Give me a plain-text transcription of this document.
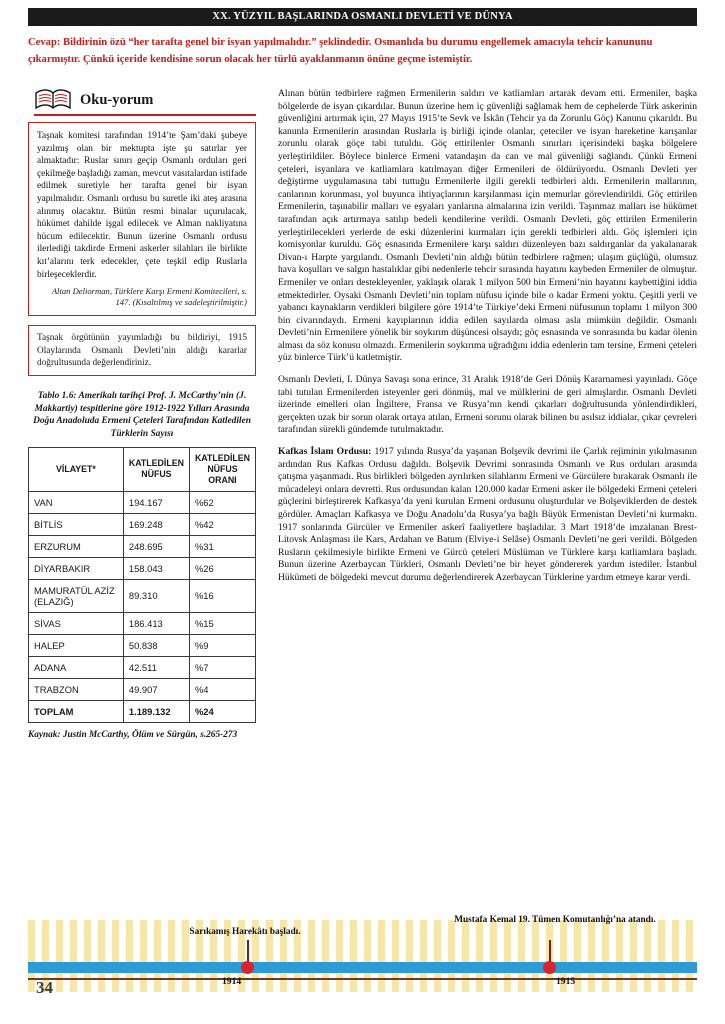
XX. YÜZYIL BAŞLARINDA OSMANLI DEVLETİ VE DÜNYA
Cevap: Bildirinin özü “her tarafta genel bir isyan yapılmalıdır.” şeklindedir. Osmanlıda bu durumu engellemek amacıyla tehcir kanununu çıkarmıştır. Çünkü içeride kendisine sorun olacak her türlü ayaklanmanın önüne geçme istemiştir.
Oku-yorum
Taşnak komitesi tarafından 1914’te Şam’daki şubeye yazılmış olan bir mektupta işte şu satırlar yer almaktadır: Ruslar sınırı geçip Osmanlı orduları geri çekilmeğe başladığı zaman, mevcut vasıtalardan istifade edilmek suretiyle her tarafta genel bir isyan yapılmalıdır. Osmanlı ordusu bu suretle iki ateş arasına alınmış olacaktır. Bütün resmi binalar uçurulacak, hükümet dahilde işgal edilecek ve Alman nakliyatına hücum edilecektir. Bunun üzerine Osmanlı ordusu ilerlediği takdirde Ermeni askerler silahları ile birlikte kıt’alarını terk edecekler, çete teşkil edip Ruslarla birleşeceklerdir.
Altan Deliorman, Türklere Karşı Ermeni Komitecileri, s. 147. (Kısaltılmış ve sadeleştirilmiştir.)
Taşnak örgütünün yayımladığı bu bildiriyi, 1915 Olaylarında Osmanlı Devleti’nin aldığı kararlar doğrultusunda değerlendiriniz.
Tablo 1.6: Amerikalı tarihçi Prof. J. McCarthy’nin (J. Makkartiy) tespitlerine göre 1912-1922 Yılları Arasında Doğu Anadoluda Ermeni Çeteleri Tarafından Katledilen Türklerin Sayısı
VİLAYET*	KATLEDİLEN NÜFUS	KATLEDİLEN NÜFUS ORANI
VAN	194.167	%62
BİTLİS	169.248	%42
ERZURUM	248.695	%31
DİYARBAKIR	158.043	%26
MAMURATÜL AZİZ (ELAZIĞ)	89.310	%16
SİVAS	186.413	%15
HALEP	50.838	%9
ADANA	42.511	%7
TRABZON	49.907	%4
TOPLAM	1.189.132	%24
Kaynak: Justin McCarthy, Ölüm ve Sürgün, s.265-273

Alınan bütün tedbirlere rağmen Ermenilerin saldırı ve katliamları artarak devam etti. Ermeniler, başka bölgelerde de isyan çıkardılar. Bunun üzerine hem iç güvenliği sağlamak hem de cephelerde Türk askerinin güvenliğini artırmak için, 27 Mayıs 1915’te Sevk ve İskân (Tehcir ya da Zorunlu Göç) Kanunu çıkarıldı. Bu kanunla Ermenilerin arasından Ruslarla iş birliği içinde olanlar, çeteciler ve isyan hareketine karışanlar zorunlu olarak göçe tabi tutuldu. Göç ettirilenler Osmanlı sınırları içerisindeki başka bölgelere yerleştirildiler. Böylece binlerce Ermeni vatandaşın da can ve mal güvenliği sağlandı. Çünkü Ermeni çeteleri, isyanlara ve katliamlara katılmayan diğer Ermenileri de öldürüyordu. Osmanlı Devleti yer değiştirme uygulamasına tabi tuttuğu Ermenilerle ilgili gerekli tedbirleri aldı. Ermenilerin mallarının, canlarının korunması, yol buyunca ihtiyaçlarının karşılanması için memurlar görevlendirildi. Göç ettirilen Ermenilerin, taşınabilir malları ve eşyaları yanlarına almalarına izin verildi. Taşınmaz malları ise hükümet tarafından açık artırmaya satılıp bedeli kendilerine verildi. Osmanlı Devleti, göç ettirilen Ermenilerin yerleştirilecekleri yerlerde de eski düzenlerini kurmaları için gerekli tedbirleri aldı. Göç işlemleri için komisyonlar kuruldu. Göç esnasında Ermenilere karşı saldırı düzenleyen bazı saldırganlar da yakalanarak Divan-ı Harpte yargılandı. Osmanlı Devleti’nin aldığı bütün tedbirlere rağmen; ulaşım güçlüğü, olumsuz hava koşulları ve salgın hastalıklar gibi nedenlerle tehcir sırasında hayatını kaybeden Ermeniler de olmuştur. Ermeniler ve onları destekleyenler, yaklaşık olarak 1 milyon 500 bin Ermeni’nin hayatını kaybettiğini iddia etmektedirler. Oysaki Osmanlı Devleti’nin toplam nüfusu içinde bile o kadar Ermeni yoktu. Çeşitli yerli ve yabancı kaynakların verdikleri bilgilere göre 1914’te Türkiye’deki Ermeni nüfusunun toplamı 1 milyon 300 bin civarındaydı. Ermeni kayıplarının iddia edilen sayılarda olması asla mümkün değildir. Osmanlı Devleti’nin Ermenilere yönelik bir soykırım düşüncesi olsaydı; göç esnasında ve sonrasında bu kadar ölenin alması da söz konusu olmazdı. Ermenilerin soykırıma uğradığını iddia edenlerin tam tersine, Ermeni çeteleri yüz binlerce Türk’ü katletmiştir.

Osmanlı Devleti, I. Dünya Savaşı sona erince, 31 Aralık 1918’de Geri Dönüş Kararnamesi yayınladı. Göçe tabi tutulan Ermenilerden isteyenler geri dönmüş, mal ve mülklerini de geri almışlardır. Osmanlı Devleti üzerinde emelleri olan İngiltere, Fransa ve Rusya’nın kendi çıkarları doğrultusunda yönlendirdikleri, gerçekten uzak bir sorun olarak ortaya atılan, Ermeni sorunu olarak bilinen bu asılsız iddialar, çıkar çevreleri tarafından sürekli gündemde tutulmaktadır.

Kafkas İslam Ordusu: 1917 yılında Rusya’da yaşanan Bolşevik devrimi ile Çarlık rejiminin yıkılmasının ardından Rus Kafkas Ordusu dağıldı. Bolşevik Devrimi sonrasında Osmanlı ve Rus orduları arasında çatışma yaşanmadı. Rus birlikleri bölgeden ayrılırken silahlarını Ermeni ve Gürcülere bırakarak Osmanlı ile mücadeleyi onlara devretti. Rus ordusundan kalan 120.000 kadar Ermeni asker ile bölgedeki Ermeni çeteleri güçlerini birleştirerek Kafkasya’da yeni kurulan Ermeni ordusunu oluşturdular ve Bolşeviklerden de destek gördüler. Amaçları Kafkasya ve Doğu Anadolu’da Rusya’ya bağlı Büyük Ermenistan Devleti’ni kurmaktı. 1917 sonlarında Gürcüler ve Ermeniler askerî faaliyetlere başladılar. 3 Mart 1918’de imzalanan Brest-Litovsk Anlaşması ile Kars, Ardahan ve Batum (Elviye-i Selâse) Osmanlı Devleti’ne geri verildi. Bölgeden Rusların çekilmesiyle birlikte Ermeni ve Gürcü çeteleri Müslüman ve Türklere karşı katliamlara başladı. Bunun üzerine Azerbaycan Türkleri, Osmanlı Devleti’ne bir heyet göndererek yardım istediler. İstanbul Hükümeti de bölgedeki mevcut durumu değerlendirerek Azerbaycan Türklerine yardım etmeye karar verdi.

Sarıkamış Harekâtı başladı.
Mustafa Kemal 19. Tümen Komutanlığı’na atandı.
1914	1915
34
